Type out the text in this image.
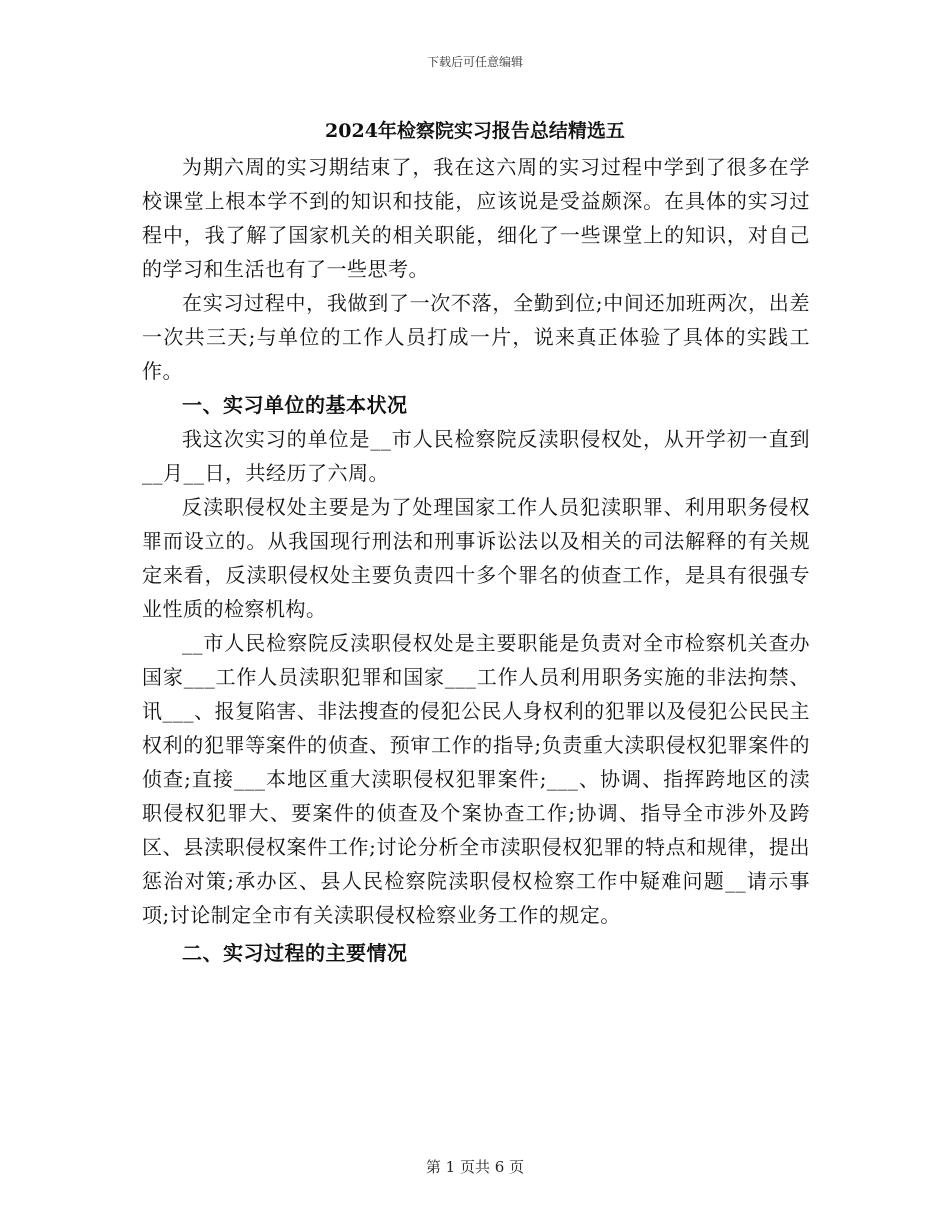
下载后可任意编辑
2024年检察院实习报告总结精选五

为期六周的实习期结束了，我在这六周的实习过程中学到了很多在学校课堂上根本学不到的知识和技能，应该说是受益颇深。在具体的实习过程中，我了解了国家机关的相关职能，细化了一些课堂上的知识，对自己的学习和生活也有了一些思考。

在实习过程中，我做到了一次不落，全勤到位;中间还加班两次，出差一次共三天;与单位的工作人员打成一片，说来真正体验了具体的实践工作。

一、实习单位的基本状况

我这次实习的单位是__市人民检察院反渎职侵权处，从开学初一直到__月__日，共经历了六周。

反渎职侵权处主要是为了处理国家工作人员犯渎职罪、利用职务侵权罪而设立的。从我国现行刑法和刑事诉讼法以及相关的司法解释的有关规定来看，反渎职侵权处主要负责四十多个罪名的侦查工作，是具有很强专业性质的检察机构。

__市人民检察院反渎职侵权处是主要职能是负责对全市检察机关查办国家___工作人员渎职犯罪和国家___工作人员利用职务实施的非法拘禁、讯___、报复陷害、非法搜查的侵犯公民人身权利的犯罪以及侵犯公民民主权利的犯罪等案件的侦查、预审工作的指导;负责重大渎职侵权犯罪案件的侦查;直接___本地区重大渎职侵权犯罪案件;___、协调、指挥跨地区的渎职侵权犯罪大、要案件的侦查及个案协查工作;协调、指导全市涉外及跨区、县渎职侵权案件工作;讨论分析全市渎职侵权犯罪的特点和规律，提出惩治对策;承办区、县人民检察院渎职侵权检察工作中疑难问题__请示事项;讨论制定全市有关渎职侵权检察业务工作的规定。

二、实习过程的主要情况

第 1 页共 6 页
